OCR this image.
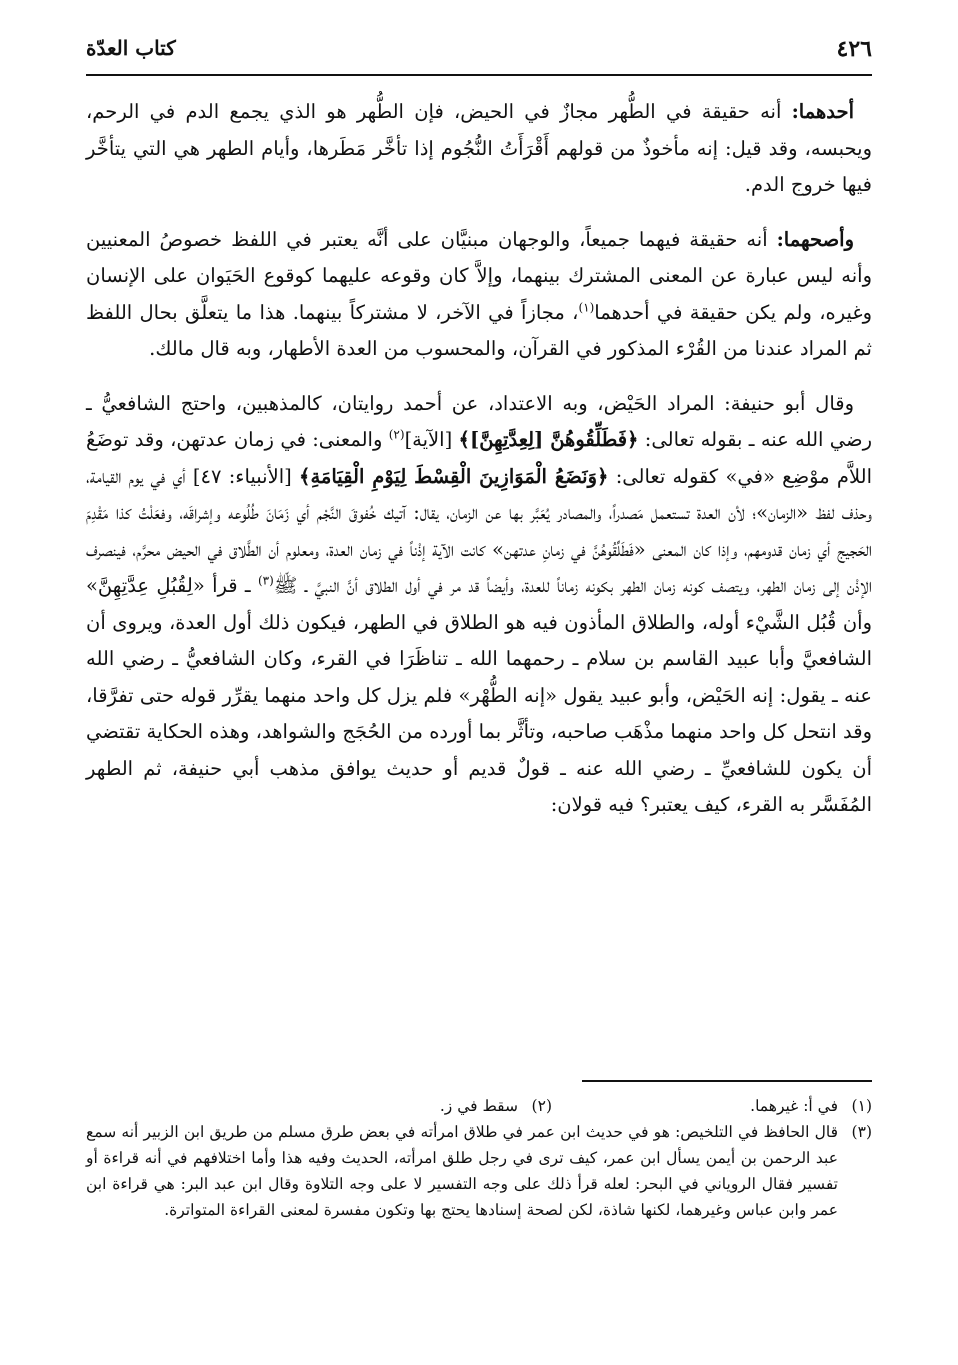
٤٢٦
كتاب العدّة

أحدهما: أنه حقيقة في الطُّهر مجازٌ في الحيض، فإن الطُّهر هو الذي يجمع الدم في الرحم، ويحبسه، وقد قيل: إنه مأخوذٌ من قولهم أَقْرَأَتُ النُّجُوم إذا تأخَّر مَطَرها، وأيام الطهر هي التي يتأخَّر فيها خروج الدم.

وأصحهما: أنه حقيقة فيهما جميعاً، والوجهان مبنيَّان على أنَّه يعتبر في اللفظ خصوصُ المعنيين وأنه ليس عبارة عن المعنى المشترك بينهما، وإلاَّ كان وقوعه عليهما كوقوع الحَيَوان على الإنسان وغيره، ولم يكن حقيقة في أحدهما$^{(١)}$، مجازاً في الآخر، لا مشتركاً بينهما. هذا ما يتعلَّق بحال اللفظ ثم المراد عندنا من القُرْء المذكور في القرآن، والمحسوب من العدة الأطهار، وبه قال مالك.

وقال أبو حنيفة: المراد الحَيْض، وبه الاعتداد، عن أحمد روايتان، كالمذهبين، واحتج الشافعيُّ ـ رضي الله عنه ـ بقوله تعالى: ﴿فَطَلِّقُوهُنَّ [لِعِدَّتِهِنَّ]﴾ [الآية]$^{(٢)}$ والمعنى: في زمان عدتهن، وقد توضَعُ اللاَّم موْضِع «في» كقوله تعالى: ﴿وَنَضَعُ الْمَوَازِينَ الْقِسْطَ لِيَوْمِ الْقِيَامَةِ﴾ [الأنبياء: ٤٧] أي في يوم القيامة، وحذف لفظ «الزمان»؛ لأن العدة تستعمل مَصدراً، والمصادر يُعَبَّر بها عن الزمان، يقال: آتيك خُفوقَ النَّجْم أي زَمَانَ طُلُوعه وإشراقَه، وفعَلْتُ كذا مَقْدِمَ الحَجيج أي زمان قدومهم، وإذا كان المعنى «فَطَلِّقُوهُنَّ في زمانِ عدتهن» كانت الآية إذْناً في زمان العدة، ومعلوم أن الطَّلاق في الحيض محرَّم، فينصرف الإذْن إلى زمان الطهر، ويتصف كونه زمان الطهر بكونه زماناً للعدة، وأيضاً قد مر في أول الطلاق أنَّ النبيَّ ـ ﷺ$^{(٣)}$ ـ قرأ «لِقُبُلِ عِدَّتِهِنَّ» وأن قُبُل الشَّيْء أوله، والطلاق المأذون فيه هو الطلاق في الطهر، فيكون ذلك أول العدة، ويروى أن الشافعيَّ وأبا عبيد القاسم بن سلام ـ رحمهما الله ـ تناظَرَا في القرء، وكان الشافعيُّ ـ رضي الله عنه ـ يقول: إنه الحَيْض، وأبو عبيد يقول «إنه الطُّهْر» فلم يزل كل واحد منهما يقرِّر قوله حتى تفرَّقا، وقد انتحل كل واحد منهما مذْهَب صاحبه، وتأثَّر بما أورده من الحُجَج والشواهد، وهذه الحكاية تقتضي أن يكون للشافعيِّ ـ رضي الله عنه ـ قولٌ قديم أو حديث يوافق مذهب أبي حنيفة، ثم الطهر المُفَسَّر به القرء، كيف يعتبر؟ فيه قولان:

(١)
في أ: غيرهما.
(٢)
سقط في ز.
(٣)
قال الحافظ في التلخيص: هو في حديث ابن عمر في طلاق امرأته في بعض طرق مسلم من طريق ابن الزبير أنه سمع عبد الرحمن بن أيمن يسأل ابن عمر، كيف ترى في رجل طلق امرأته، الحديث وفيه هذا وأما اختلافهم في أنه قراءة أو تفسير فقال الروياني في البحر: لعله قرأ ذلك على وجه التفسير لا على وجه التلاوة وقال ابن عبد البر: هي قراءة ابن عمر وابن عباس وغيرهما، لكنها شاذة، لكن لصحة إسنادها يحتج بها وتكون مفسرة لمعنى القراءة المتواترة.
